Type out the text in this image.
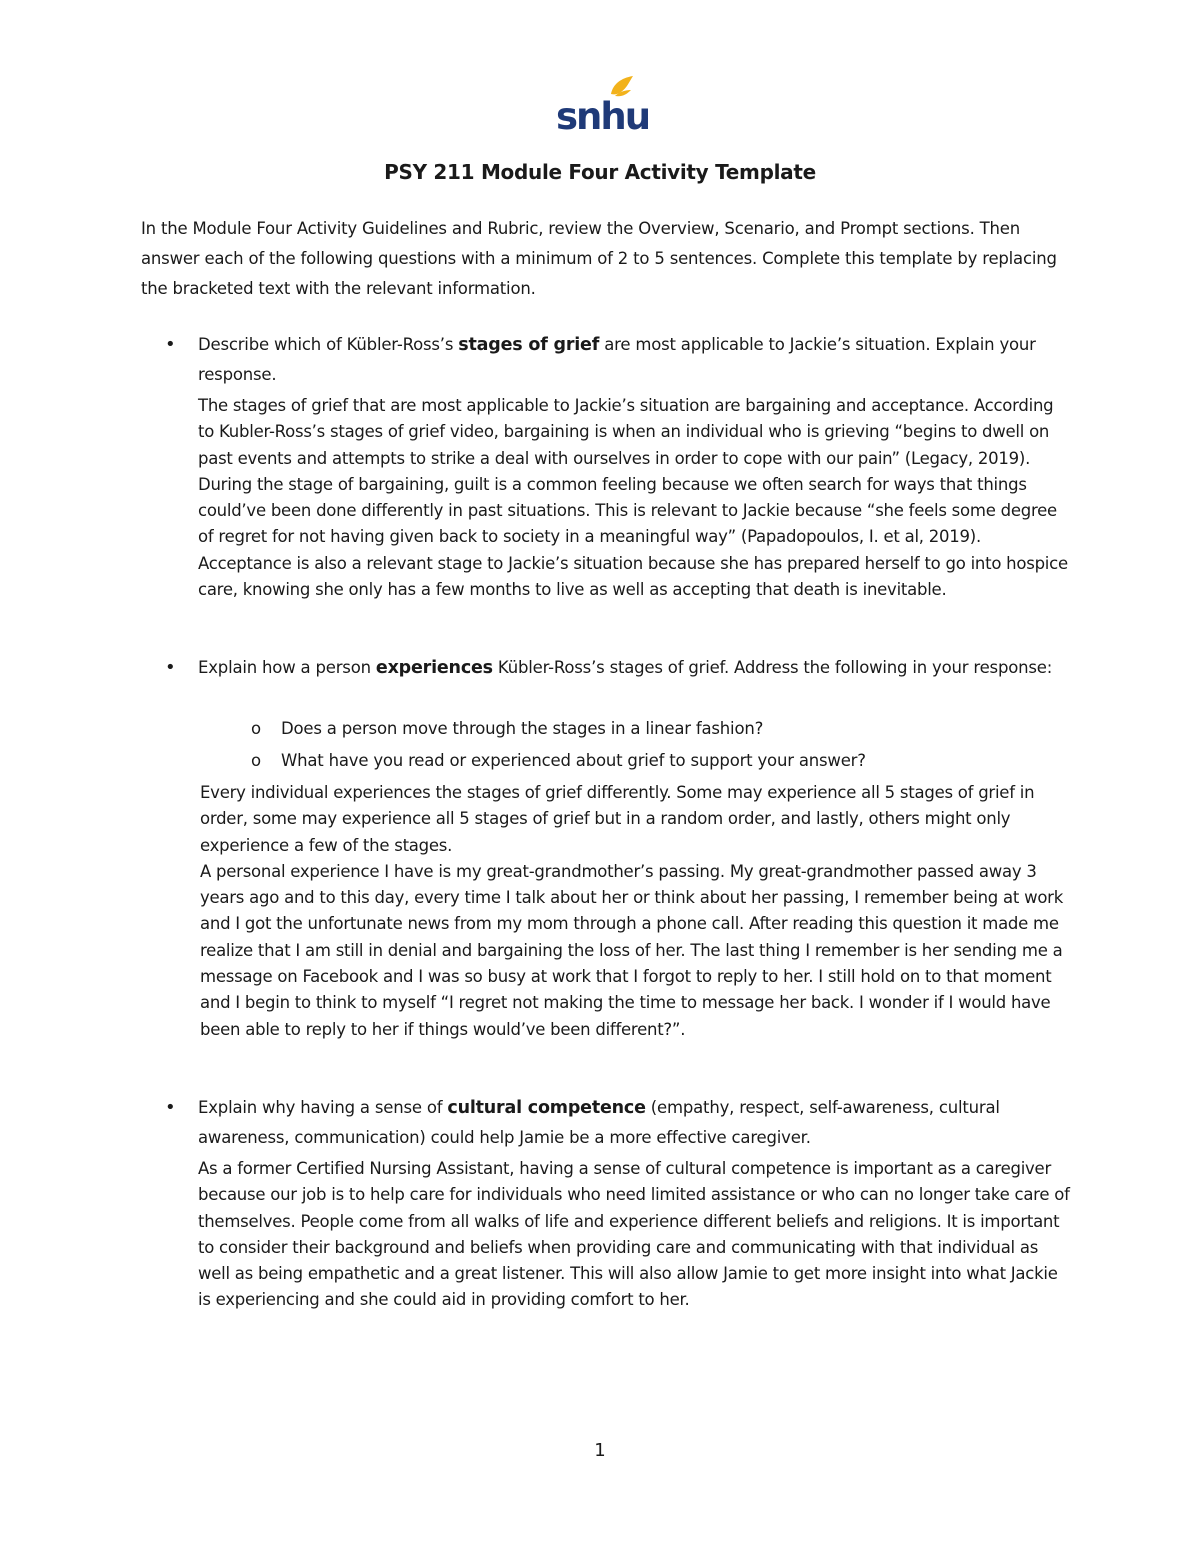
snhu
PSY 211 Module Four Activity Template
In the Module Four Activity Guidelines and Rubric, review the Overview, Scenario, and Prompt sections. Then answer each of the following questions with a minimum of 2 to 5 sentences. Complete this template by replacing the bracketed text with the relevant information.
• Describe which of Kübler-Ross’s stages of grief are most applicable to Jackie’s situation. Explain your response.

The stages of grief that are most applicable to Jackie’s situation are bargaining and acceptance. According to Kubler-Ross’s stages of grief video, bargaining is when an individual who is grieving “begins to dwell on past events and attempts to strike a deal with ourselves in order to cope with our pain” (Legacy, 2019). During the stage of bargaining, guilt is a common feeling because we often search for ways that things could’ve been done differently in past situations. This is relevant to Jackie because “she feels some degree of regret for not having given back to society in a meaningful way” (Papadopoulos, I. et al, 2019). Acceptance is also a relevant stage to Jackie’s situation because she has prepared herself to go into hospice care, knowing she only has a few months to live as well as accepting that death is inevitable.

• Explain how a person experiences Kübler-Ross’s stages of grief. Address the following in your response:
o Does a person move through the stages in a linear fashion?
o What have you read or experienced about grief to support your answer?

Every individual experiences the stages of grief differently. Some may experience all 5 stages of grief in order, some may experience all 5 stages of grief but in a random order, and lastly, others might only experience a few of the stages.

A personal experience I have is my great-grandmother’s passing. My great-grandmother passed away 3 years ago and to this day, every time I talk about her or think about her passing, I remember being at work and I got the unfortunate news from my mom through a phone call. After reading this question it made me realize that I am still in denial and bargaining the loss of her. The last thing I remember is her sending me a message on Facebook and I was so busy at work that I forgot to reply to her. I still hold on to that moment and I begin to think to myself “I regret not making the time to message her back. I wonder if I would have been able to reply to her if things would’ve been different?”.

• Explain why having a sense of cultural competence (empathy, respect, self-awareness, cultural awareness, communication) could help Jamie be a more effective caregiver.

As a former Certified Nursing Assistant, having a sense of cultural competence is important as a caregiver because our job is to help care for individuals who need limited assistance or who can no longer take care of themselves. People come from all walks of life and experience different beliefs and religions. It is important to consider their background and beliefs when providing care and communicating with that individual as well as being empathetic and a great listener. This will also allow Jamie to get more insight into what Jackie is experiencing and she could aid in providing comfort to her.

1
